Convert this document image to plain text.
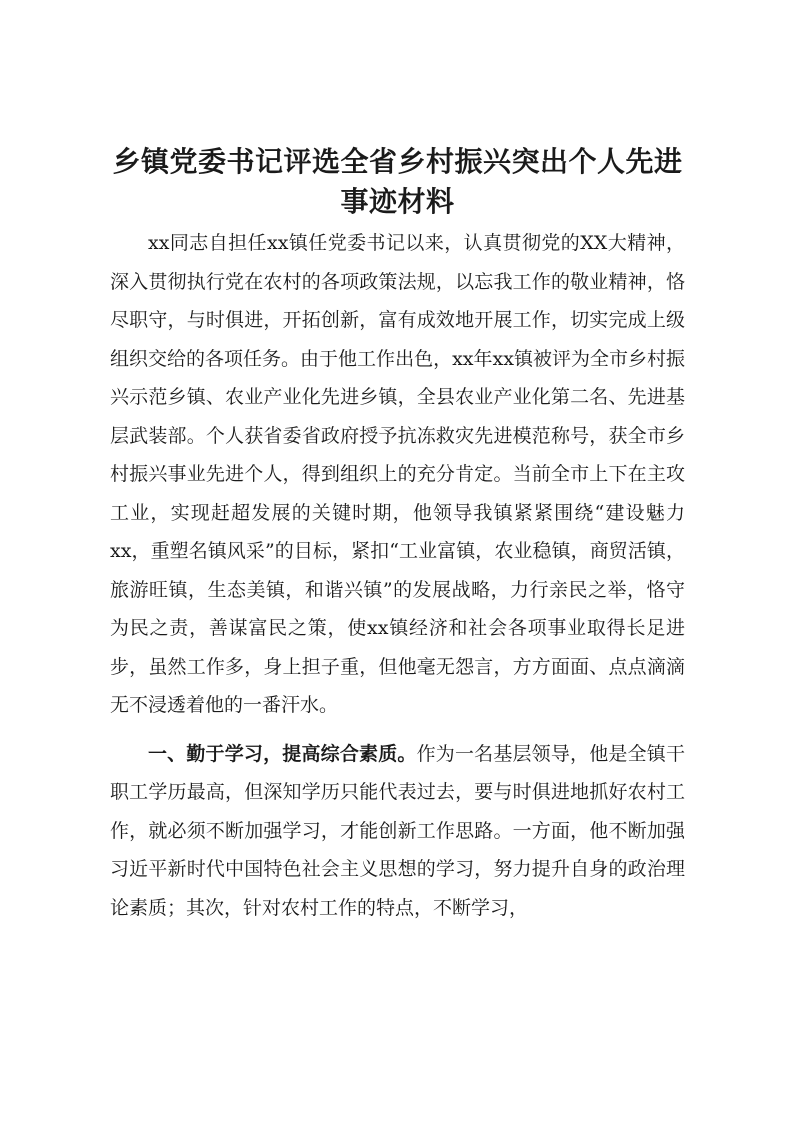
乡镇党委书记评选全省乡村振兴突出个人先进事迹材料

xx同志自担任xx镇任党委书记以来，认真贯彻党的XX大精神，深入贯彻执行党在农村的各项政策法规，以忘我工作的敬业精神，恪尽职守，与时俱进，开拓创新，富有成效地开展工作，切实完成上级组织交给的各项任务。由于他工作出色，xx年xx镇被评为全市乡村振兴示范乡镇、农业产业化先进乡镇，全县农业产业化第二名、先进基层武装部。个人获省委省政府授予抗冻救灾先进模范称号，获全市乡村振兴事业先进个人，得到组织上的充分肯定。当前全市上下在主攻工业，实现赶超发展的关键时期，他领导我镇紧紧围绕“建设魅力xx，重塑名镇风采”的目标，紧扣“工业富镇，农业稳镇，商贸活镇，旅游旺镇，生态美镇，和谐兴镇”的发展战略，力行亲民之举，恪守为民之责，善谋富民之策，使xx镇经济和社会各项事业取得长足进步，虽然工作多，身上担子重，但他毫无怨言，方方面面、点点滴滴无不浸透着他的一番汗水。

一、勤于学习，提高综合素质。作为一名基层领导，他是全镇干职工学历最高，但深知学历只能代表过去，要与时俱进地抓好农村工作，就必须不断加强学习，才能创新工作思路。一方面，他不断加强习近平新时代中国特色社会主义思想的学习，努力提升自身的政治理论素质；其次，针对农村工作的特点，不断学习，
